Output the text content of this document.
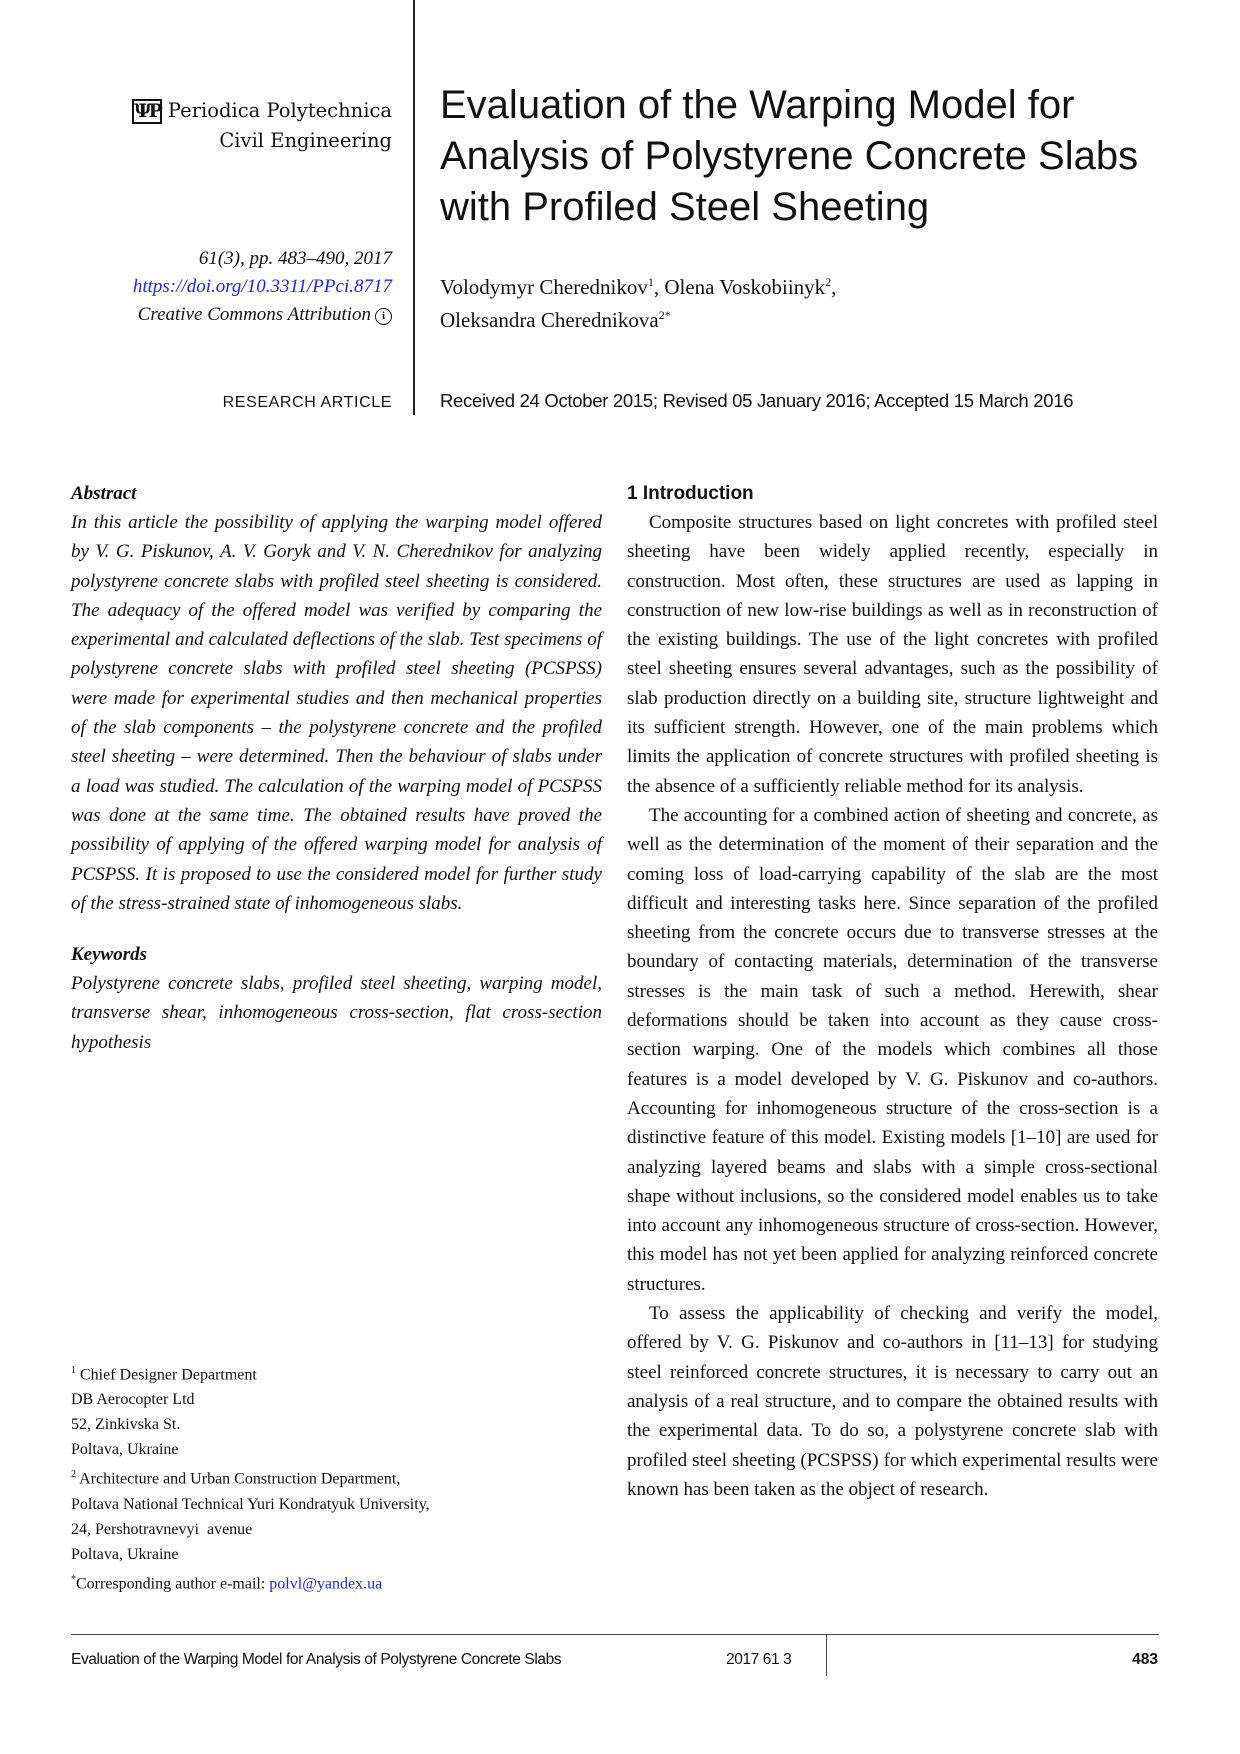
ΨP Periodica Polytechnica
Civil Engineering
61(3), pp. 483–490, 2017
https://doi.org/10.3311/PPci.8717
Creative Commons Attribution i
RESEARCH ARTICLE
Evaluation of the Warping Model for Analysis of Polystyrene Concrete Slabs with Profiled Steel Sheeting
Volodymyr Cherednikov$^1$, Olena Voskobiinyk$^2$,
Oleksandra Cherednikova$^{2*}$
Received 24 October 2015; Revised 05 January 2016; Accepted 15 March 2016
Abstract

In this article the possibility of applying the warping model offered by V. G. Piskunov, A. V. Goryk and V. N. Cherednikov for analyzing polystyrene concrete slabs with profiled steel sheeting is considered. The adequacy of the offered model was verified by comparing the experimental and calculated deflections of the slab. Test specimens of polystyrene concrete slabs with profiled steel sheeting (PCSPSS) were made for experimental studies and then mechanical properties of the slab components – the polystyrene concrete and the profiled steel sheeting – were determined. Then the behaviour of slabs under a load was studied. The calculation of the warping model of PCSPSS was done at the same time. The obtained results have proved the possibility of applying of the offered warping model for analysis of PCSPSS. It is proposed to use the considered model for further study of the stress-strained state of inhomogeneous slabs.

Keywords

Polystyrene concrete slabs, profiled steel sheeting, warping model, transverse shear, inhomogeneous cross-section, flat cross-section hypothesis

$^1$ Chief Designer Department
DB Aerocopter Ltd
52, Zinkivska St.
Poltava, Ukraine
$^2$ Architecture and Urban Construction Department,
Poltava National Technical Yuri Kondratyuk University,
24, Pershotravnevyi  avenue
Poltava, Ukraine
*Corresponding author e-mail: polvl@yandex.ua
1 Introduction

Composite structures based on light concretes with profiled steel sheeting have been widely applied recently, especially in construction. Most often, these structures are used as lapping in construction of new low-rise buildings as well as in reconstruction of the existing buildings. The use of the light concretes with profiled steel sheeting ensures several advantages, such as the possibility of slab production directly on a building site, structure lightweight and its sufficient strength. However, one of the main problems which limits the application of concrete structures with profiled sheeting is the absence of a sufficiently reliable method for its analysis.

The accounting for a combined action of sheeting and concrete, as well as the determination of the moment of their separation and the coming loss of load-carrying capability of the slab are the most difficult and interesting tasks here. Since separation of the profiled sheeting from the concrete occurs due to transverse stresses at the boundary of contacting materials, determination of the transverse stresses is the main task of such a method. Herewith, shear deformations should be taken into account as they cause cross-section warping. One of the models which combines all those features is a model developed by V. G. Piskunov and co-authors. Accounting for inhomogeneous structure of the cross-section is a distinctive feature of this model. Existing models [1–10] are used for analyzing layered beams and slabs with a simple cross-sectional shape without inclusions, so the considered model enables us to take into account any inhomogeneous structure of cross-section. However, this model has not yet been applied for analyzing reinforced concrete structures.

To assess the applicability of checking and verify the model, offered by V. G. Piskunov and co-authors in [11–13] for studying steel reinforced concrete structures, it is necessary to carry out an analysis of a real structure, and to compare the obtained results with the experimental data. To do so, a polystyrene concrete slab with profiled steel sheeting (PCSPSS) for which experimental results were known has been taken as the object of research.

Evaluation of the Warping Model for Analysis of Polystyrene Concrete Slabs	2017 61 3	483
